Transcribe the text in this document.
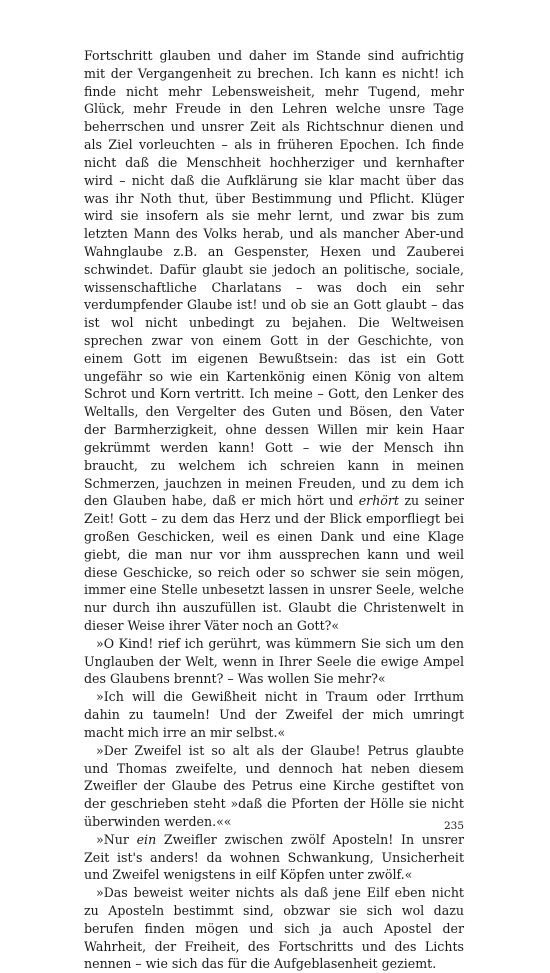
Fortschritt glauben und daher im Stande sind aufrichtig mit der Vergangenheit zu brechen. Ich kann es nicht! ich finde nicht mehr Lebensweisheit, mehr Tugend, mehr Glück, mehr Freude in den Lehren welche unsre Tage beherrschen und unsrer Zeit als Richtschnur dienen und als Ziel vorleuchten – als in früheren Epochen. Ich finde nicht daß die Menschheit hochherziger und kernhafter wird – nicht daß die Aufklärung sie klar macht über das was ihr Noth thut, über Bestimmung und Pflicht. Klüger wird sie insofern als sie mehr lernt, und zwar bis zum letzten Mann des Volks herab, und als mancher Aber-und Wahnglaube z.B. an Gespenster, Hexen und Zauberei schwindet. Dafür glaubt sie jedoch an politische, sociale, wissenschaftliche Charlatans – was doch ein sehr verdumpfender Glaube ist! und ob sie an Gott glaubt – das ist wol nicht unbedingt zu bejahen. Die Weltweisen sprechen zwar von einem Gott in der Geschichte, von einem Gott im eigenen Bewußtsein: das ist ein Gott ungefähr so wie ein Kartenkönig einen König von altem Schrot und Korn vertritt. Ich meine – Gott, den Lenker des Weltalls, den Vergelter des Guten und Bösen, den Vater der Barmherzigkeit, ohne dessen Willen mir kein Haar gekrümmt werden kann! Gott – wie der Mensch ihn braucht, zu welchem ich schreien kann in meinen Schmerzen, jauchzen in meinen Freuden, und zu dem ich den Glauben habe, daß er mich hört und erhört zu seiner Zeit! Gott – zu dem das Herz und der Blick emporfliegt bei großen Geschicken, weil es einen Dank und eine Klage giebt, die man nur vor ihm aussprechen kann und weil diese Geschicke, so reich oder so schwer sie sein mögen, immer eine Stelle unbesetzt lassen in unsrer Seele, welche nur durch ihn auszufüllen ist. Glaubt die Christenwelt in dieser Weise ihrer Väter noch an Gott?«

»O Kind! rief ich gerührt, was kümmern Sie sich um den Unglauben der Welt, wenn in Ihrer Seele die ewige Ampel des Glaubens brennt? – Was wollen Sie mehr?«

»Ich will die Gewißheit nicht in Traum oder Irrthum dahin zu taumeln! Und der Zweifel der mich umringt macht mich irre an mir selbst.«

»Der Zweifel ist so alt als der Glaube! Petrus glaubte und Thomas zweifelte, und dennoch hat neben diesem Zweifler der Glaube des Petrus eine Kirche gestiftet von der geschrieben steht »daß die Pforten der Hölle sie nicht überwinden werden.««

»Nur ein Zweifler zwischen zwölf Aposteln! In unsrer Zeit ist's anders! da wohnen Schwankung, Unsicherheit und Zweifel wenigstens in eilf Köpfen unter zwölf.«

»Das beweist weiter nichts als daß jene Eilf eben nicht zu Aposteln bestimmt sind, obzwar sie sich wol dazu berufen finden mögen und sich ja auch Apostel der Wahrheit, der Freiheit, des Fortschritts und des Lichts nennen – wie sich das für die Aufgeblasenheit geziemt.

235
